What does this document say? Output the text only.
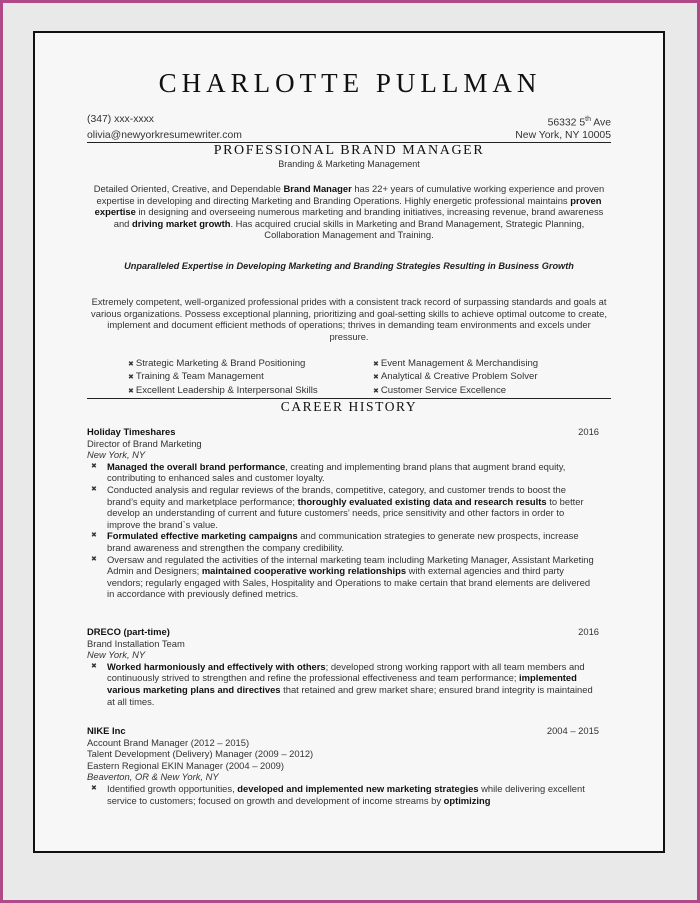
CHARLOTTE PULLMAN
(347) xxx-xxxx	56332 5th Ave
olivia@newyorkresumewriter.com	New York, NY 10005
PROFESSIONAL BRAND MANAGER
Branding & Marketing Management
Detailed Oriented, Creative, and Dependable Brand Manager has 22+ years of cumulative working experience and proven expertise in developing and directing Marketing and Branding Operations. Highly energetic professional maintains proven expertise in designing and overseeing numerous marketing and branding initiatives, increasing revenue, brand awareness and driving market growth. Has acquired crucial skills in Marketing and Brand Management, Strategic Planning, Collaboration Management and Training.
Unparalleled Expertise in Developing Marketing and Branding Strategies Resulting in Business Growth
Extremely competent, well-organized professional prides with a consistent track record of surpassing standards and goals at various organizations. Possess exceptional planning, prioritizing and goal-setting skills to achieve optimal outcome to create, implement and document efficient methods of operations; thrives in demanding team environments and excels under pressure.
✖ Strategic Marketing & Brand Positioning	✖ Event Management & Merchandising
✖ Training & Team Management	✖ Analytical & Creative Problem Solver
✖ Excellent Leadership & Interpersonal Skills	✖ Customer Service Excellence
CAREER HISTORY
Holiday Timeshares	2016
Director of Brand Marketing
New York, NY
✖ Managed the overall brand performance, creating and implementing brand plans that augment brand equity, contributing to enhanced sales and customer loyalty.
✖ Conducted analysis and regular reviews of the brands, competitive, category, and customer trends to boost the brand’s equity and marketplace performance; thoroughly evaluated existing data and research results to better develop an understanding of current and future customers’ needs, price sensitivity and other factors in order to improve the brand`s value.
✖ Formulated effective marketing campaigns and communication strategies to generate new prospects, increase brand awareness and strengthen the company credibility.
✖ Oversaw and regulated the activities of the internal marketing team including Marketing Manager, Assistant Marketing Admin and Designers; maintained cooperative working relationships with external agencies and third party vendors; regularly engaged with Sales, Hospitality and Operations to make certain that brand elements are delivered in accordance with previously defined metrics.
DRECO (part-time)	2016
Brand Installation Team
New York, NY
✖ Worked harmoniously and effectively with others; developed strong working rapport with all team members and continuously strived to strengthen and refine the professional effectiveness and team performance; implemented various marketing plans and directives that retained and grew market share; ensured brand integrity is maintained at all times.
NIKE Inc	2004 – 2015
Account Brand Manager (2012 – 2015)
Talent Development (Delivery) Manager (2009 – 2012)
Eastern Regional EKIN Manager (2004 – 2009)
Beaverton, OR & New York, NY
✖ Identified growth opportunities, developed and implemented new marketing strategies while delivering excellent service to customers; focused on growth and development of income streams by optimizing
